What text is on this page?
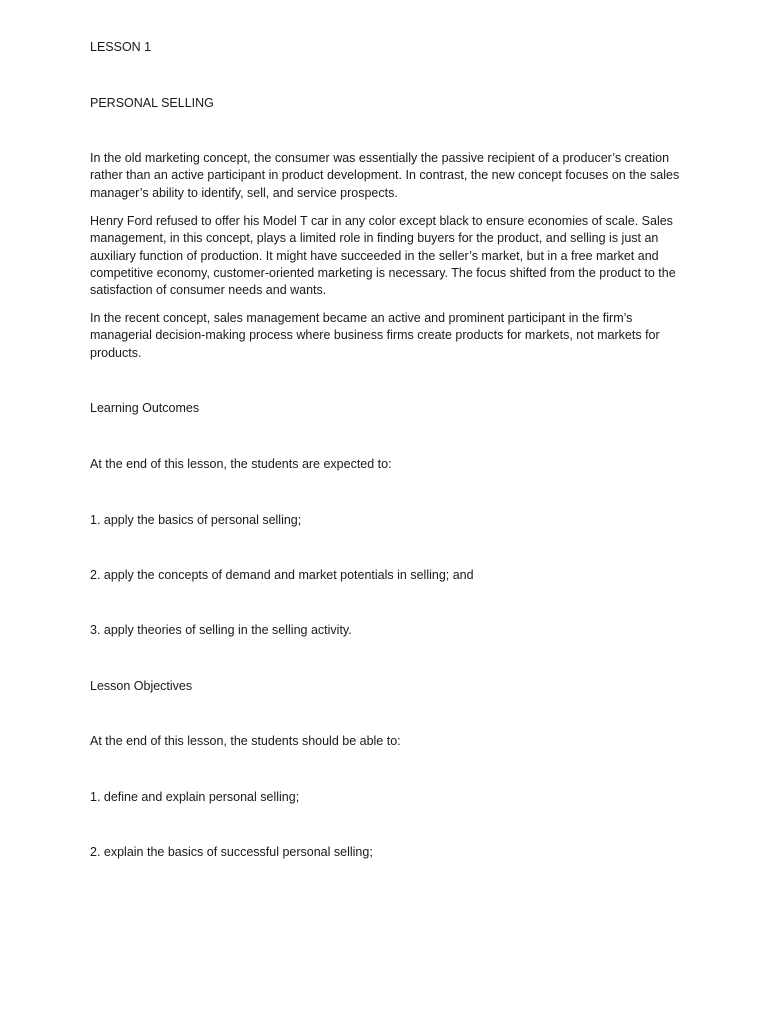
LESSON 1

PERSONAL SELLING

In the old marketing concept, the consumer was essentially the passive recipient of a producer’s creation rather than an active participant in product development. In contrast, the new concept focuses on the sales manager’s ability to identify, sell, and service prospects.

Henry Ford refused to offer his Model T car in any color except black to ensure economies of scale. Sales management, in this concept, plays a limited role in finding buyers for the product, and selling is just an auxiliary function of production. It might have succeeded in the seller’s market, but in a free market and competitive economy, customer-oriented marketing is necessary. The focus shifted from the product to the satisfaction of consumer needs and wants.

In the recent concept, sales management became an active and prominent participant in the firm’s managerial decision-making process where business firms create products for markets, not markets for products.

Learning Outcomes

At the end of this lesson, the students are expected to:

1. apply the basics of personal selling;

2. apply the concepts of demand and market potentials in selling; and

3. apply theories of selling in the selling activity.

Lesson Objectives

At the end of this lesson, the students should be able to:

1. define and explain personal selling;

2. explain the basics of successful personal selling;
